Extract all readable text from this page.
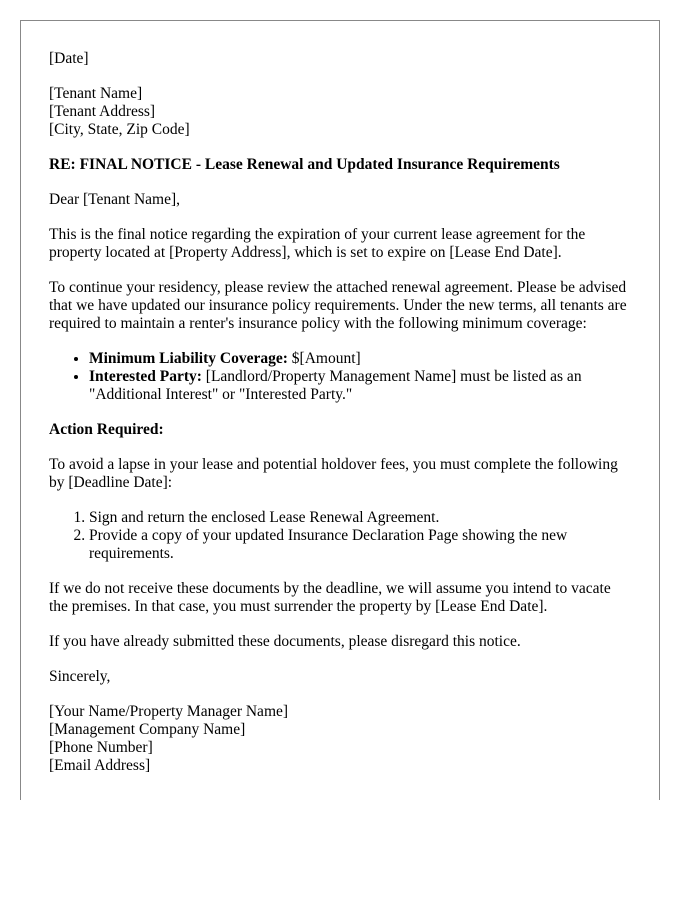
[Date]

[Tenant Name]

[Tenant Address]

[City, State, Zip Code]

RE: FINAL NOTICE - Lease Renewal and Updated Insurance Requirements

Dear [Tenant Name],

This is the final notice regarding the expiration of your current lease agreement for the property located at [Property Address], which is set to expire on [Lease End Date].

To continue your residency, please review the attached renewal agreement. Please be advised that we have updated our insurance policy requirements. Under the new terms, all tenants are required to maintain a renter's insurance policy with the following minimum coverage:

• Minimum Liability Coverage: $[Amount]
• Interested Party: [Landlord/Property Management Name] must be listed as an "Additional Interest" or "Interested Party."

Action Required:

To avoid a lapse in your lease and potential holdover fees, you must complete the following by [Deadline Date]:

1. Sign and return the enclosed Lease Renewal Agreement.
2. Provide a copy of your updated Insurance Declaration Page showing the new requirements.

If we do not receive these documents by the deadline, we will assume you intend to vacate the premises. In that case, you must surrender the property by [Lease End Date].

If you have already submitted these documents, please disregard this notice.

Sincerely,

[Your Name/Property Manager Name]

[Management Company Name]

[Phone Number]

[Email Address]
